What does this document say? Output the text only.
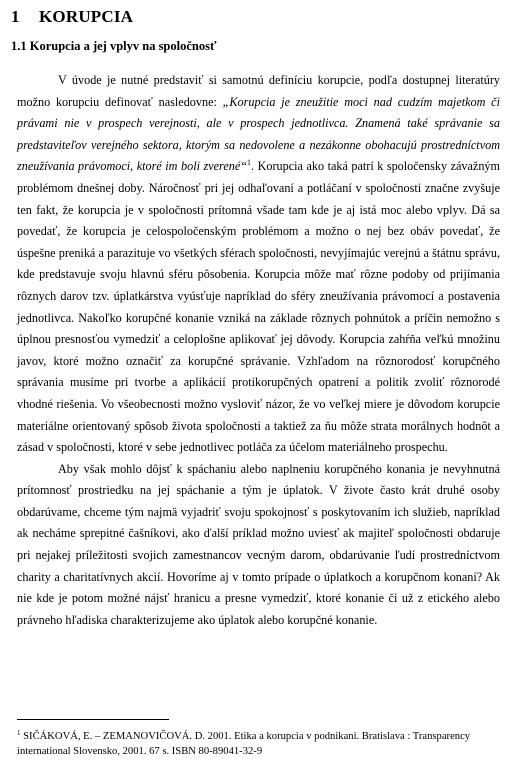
1 KORUPCIA
1.1 Korupcia a jej vplyv na spoločnosť

V úvode je nutné predstaviť si samotnú definíciu korupcie, podľa dostupnej literatúry možno korupciu definovať nasledovne: „Korupcia je zneužitie moci nad cudzím majetkom či právami nie v prospech verejnosti, ale v prospech jednotlivca. Znamená také správanie sa predstaviteľov verejného sektora, ktorým sa nedovolene a nezákonne obohacujú prostredníctvom zneužívania právomoci, ktoré im boli zverené“$^1$. Korupcia ako taká patrí k spoločensky závažným problémom dnešnej doby. Náročnosť pri jej odhaľovaní a potláčaní v spoločnosti značne zvyšuje ten fakt, že korupcia je v spoločnosti prítomná všade tam kde je aj istá moc alebo vplyv. Dá sa povedať, že korupcia je celospoločenským problémom a možno o nej bez obáv povedať, že úspešne preniká a parazituje vo všetkých sférach spoločnosti, nevyjímajúc verejnú a štátnu správu, kde predstavuje svoju hlavnú sféru pôsobenia. Korupcia môže mať rôzne podoby od prijímania rôznych darov tzv. úplatkárstva vyúsťuje napríklad do sféry zneužívania právomocí a postavenia jednotlivca. Nakoľko korupčné konanie vzniká na základe rôznych pohnútok a príčin nemožno s úplnou presnosťou vymedziť a celoplošne aplikovať jej dôvody. Korupcia zahŕňa veľkú množinu javov, ktoré možno označiť za korupčné správanie. Vzhľadom na rôznorodosť korupčného správania musíme pri tvorbe a aplikácií protikorupčných opatrení a politik zvoliť rôznorodé vhodné riešenia. Vo všeobecnosti možno vysloviť názor, že vo veľkej miere je dôvodom korupcie materiálne orientovaný spôsob života spoločnosti a taktiež za ňu môže strata morálnych hodnôt a zásad v spoločnosti, ktoré v sebe jednotlivec potláča za účelom materiálneho prospechu.

Aby však mohlo dôjsť k spáchaniu alebo naplneniu korupčného konania je nevyhnutná prítomnosť prostriedku na jej spáchanie a tým je úplatok. V živote často krát druhé osoby obdarúvame, chceme tým najmä vyjadriť svoju spokojnosť s poskytovaním ich služieb, napríklad ak necháme sprepitné čašníkovi, ako ďalší príklad možno uviesť ak majiteľ spoločnosti obdaruje pri nejakej príležitosti svojich zamestnancov vecným darom, obdarúvanie ľudí prostredníctvom charity a charitatívnych akcií. Hovoríme aj v tomto prípade o úplatkoch a korupčnom konaní? Ak nie kde je potom možné nájsť hranicu a presne vymedziť, ktoré konanie či už z etického alebo právneho hľadiska charakterizujeme ako úplatok alebo korupčné konanie.

$^1$ SIČÁKOVÁ, E. – ZEMANOVIČOVÁ. D. 2001. Etika a korupcia v podnikaní. Bratislava : Transparency international Slovensko, 2001. 67 s. ISBN 80-89041-32-9
